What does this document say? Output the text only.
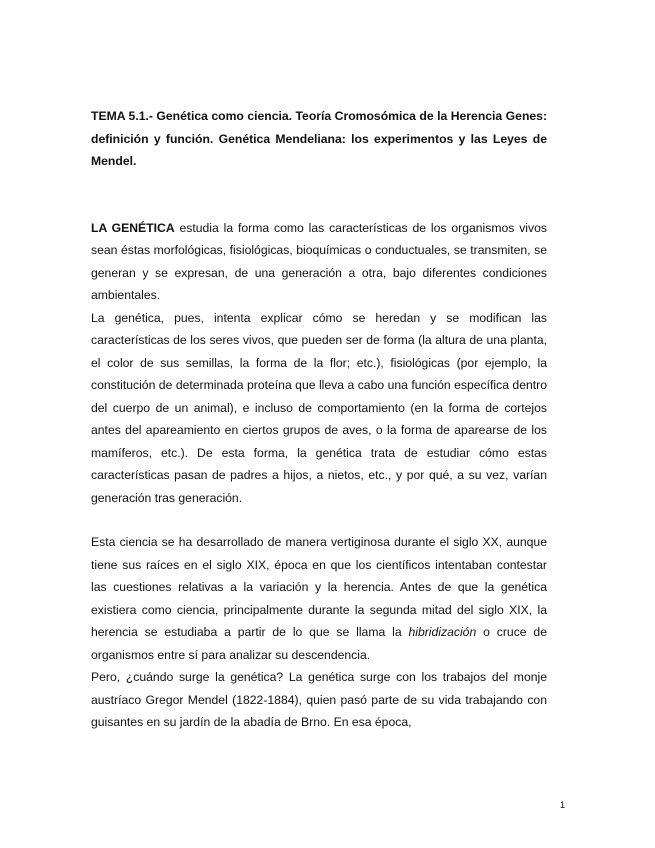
TEMA 5.1.- Genética como ciencia. Teoría Cromosómica de la Herencia Genes: definición y función. Genética Mendeliana: los experimentos y las Leyes de Mendel.

LA GENÉTICA estudia la forma como las características de los organismos vivos sean éstas morfológicas, fisiológicas, bioquímicas o conductuales, se transmiten, se generan y se expresan, de una generación a otra, bajo diferentes condiciones ambientales.

La genética, pues, intenta explicar cómo se heredan y se modifican las características de los seres vivos, que pueden ser de forma (la altura de una planta, el color de sus semillas, la forma de la flor; etc.), fisiológicas (por ejemplo, la constitución de determinada proteína que lleva a cabo una función específica dentro del cuerpo de un animal), e incluso de comportamiento (en la forma de cortejos antes del apareamiento en ciertos grupos de aves, o la forma de aparearse de los mamíferos, etc.). De esta forma, la genética trata de estudiar cómo estas características pasan de padres a hijos, a nietos, etc., y por qué, a su vez, varían generación tras generación.

Esta ciencia se ha desarrollado de manera vertiginosa durante el siglo XX, aunque tiene sus raíces en el siglo XIX, época en que los científicos intentaban contestar las cuestiones relativas a la variación y la herencia. Antes de que la genética existiera como ciencia, principalmente durante la segunda mitad del siglo XIX, la herencia se estudiaba a partir de lo que se llama la hibridización o cruce de organismos entre sí para analizar su descendencia.

Pero, ¿cuándo surge la genética? La genética surge con los trabajos del monje austríaco Gregor Mendel (1822-1884), quien pasó parte de su vida trabajando con guisantes en su jardín de la abadía de Brno. En esa época,

1
